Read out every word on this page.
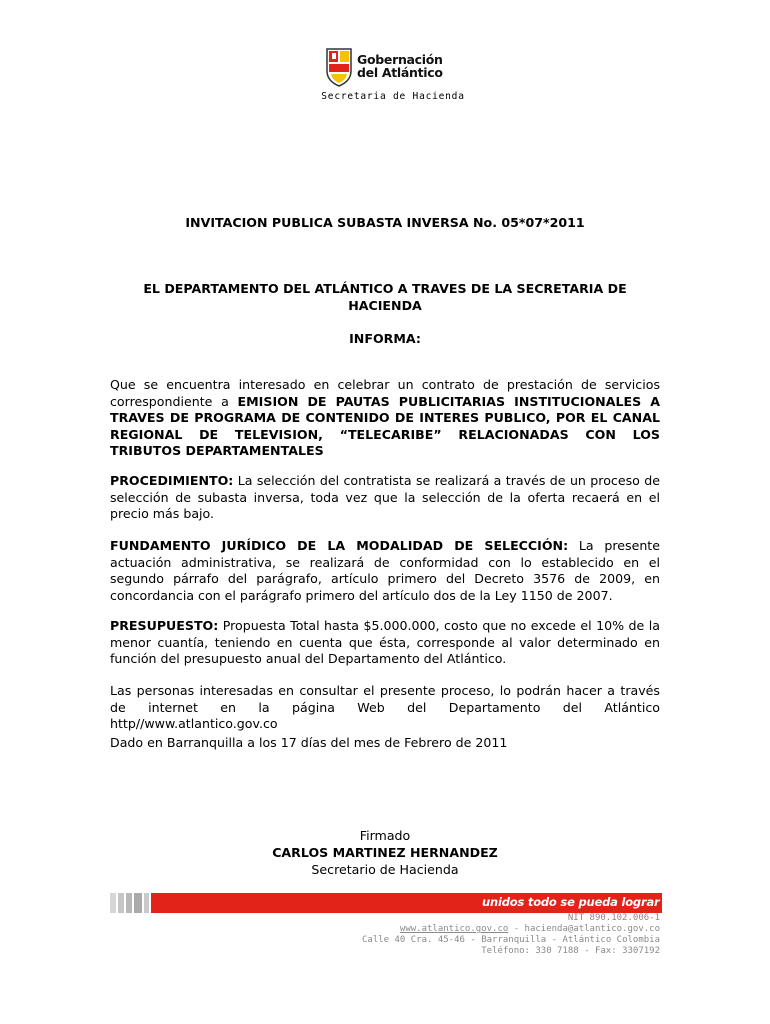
Gobernación
del Atlántico
Secretaria de Hacienda
INVITACION PUBLICA SUBASTA INVERSA No. 05*07*2011
EL DEPARTAMENTO DEL ATLÁNTICO A TRAVES DE LA SECRETARIA DE HACIENDA
INFORMA:
Que se encuentra interesado en celebrar un contrato de prestación de servicios correspondiente a EMISION DE PAUTAS PUBLICITARIAS INSTITUCIONALES A TRAVES DE PROGRAMA DE CONTENIDO DE INTERES PUBLICO, POR EL CANAL REGIONAL DE TELEVISION, “TELECARIBE” RELACIONADAS CON LOS TRIBUTOS DEPARTAMENTALES
PROCEDIMIENTO: La selección del contratista se realizará a través de un proceso de selección de subasta inversa, toda vez que la selección de la oferta recaerá en el precio más bajo.
FUNDAMENTO JURÍDICO DE LA MODALIDAD DE SELECCIÓN: La presente actuación administrativa, se realizará de conformidad con lo establecido en el segundo párrafo del parágrafo, artículo primero del Decreto 3576 de 2009, en concordancia con el parágrafo primero del artículo dos de la Ley 1150 de 2007.
PRESUPUESTO: Propuesta Total hasta $5.000.000, costo que no excede el 10% de la menor cuantía, teniendo en cuenta que ésta, corresponde al valor determinado en función del presupuesto anual del Departamento del Atlántico.
Las personas interesadas en consultar el presente proceso, lo podrán hacer a través de internet en la página Web del Departamento del Atlántico http//www.atlantico.gov.co
Dado en Barranquilla a los 17 días del mes de Febrero de 2011
Firmado
CARLOS MARTINEZ HERNANDEZ
Secretario de Hacienda
unidos todo se pueda lograr
NIT 890.102.006-1
www.atlantico.gov.co - hacienda@atlantico.gov.co
Calle 40 Cra. 45-46 - Barranquilla - Atlántico Colombia
Teléfono: 330 7188 - Fax: 3307192
